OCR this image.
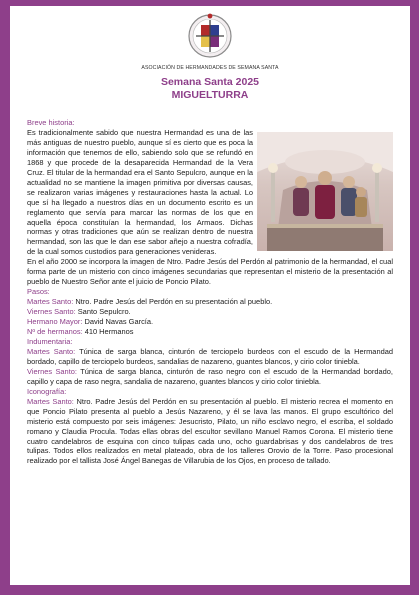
ASOCIACIÓN DE HERMANDADES DE SEMANA SANTA
Semana Santa 2025
MIGUELTURRA

Breve historia:

Es tradicionalmente sabido que nuestra Hermandad es una de las más antiguas de nuestro pueblo, aunque sí es cierto que es poca la información que tenemos de ello, sabiendo solo que se refundó en 1868 y que procede de la desaparecida Hermandad de la Vera Cruz. El titular de la hermandad era el Santo Sepulcro, aunque en la actualidad no se mantiene la imagen primitiva por diversas causas, se realizaron varias imágenes y restauraciones hasta la actual. Lo que sí ha llegado a nuestros días en un documento escrito es un reglamento que servía para marcar las normas de los que en aquella época constituían la hermandad, los Armaos. Dichas normas y otras tradiciones que aún se realizan dentro de nuestra hermandad, son las que le dan ese sabor añejo a nuestra cofradía, de la cual somos custodios para generaciones venideras.

En el año 2000 se incorpora la imagen de Ntro. Padre Jesús del Perdón al patrimonio de la hermandad, el cual forma parte de un misterio con cinco imágenes secundarias que representan el misterio de la presentación al pueblo de Nuestro Señor ante el juicio de Poncio Pilato.

Pasos:

Martes Santo: Ntro. Padre Jesús del Perdón en su presentación al pueblo.

Viernes Santo: Santo Sepulcro.

Hermano Mayor: David Navas García.

Nº de hermanos: 410 Hermanos

Indumentaria:

Martes Santo: Túnica de sarga blanca, cinturón de terciopelo burdeos con el escudo de la Hermandad bordado, capillo de terciopelo burdeos, sandalias de nazareno, guantes blancos, y cirio color tiniebla.

Viernes Santo: Túnica de sarga blanca, cinturón de raso negro con el escudo de la Hermandad bordado, capillo y capa de raso negra, sandalia de nazareno, guantes blancos y cirio color tiniebla.

Iconografía:

Martes Santo: Ntro. Padre Jesús del Perdón en su presentación al pueblo. El misterio recrea el momento en que Poncio Pilato presenta al pueblo a Jesús Nazareno, y él se lava las manos. El grupo escultórico del misterio está compuesto por seis imágenes: Jesucristo, Pilato, un niño esclavo negro, el escriba, el soldado romano y Claudia Procula. Todas ellas obras del escultor sevillano Manuel Ramos Corona. El misterio tiene cuatro candelabros de esquina con cinco tulipas cada uno, ocho guardabrisas y dos candelabros de tres tulipas. Todos ellos realizados en metal plateado, obra de los talleres Orovio de la Torre. Paso procesional realizado por el tallista José Ángel Banegas de Villarubia de los Ojos, en proceso de tallado.
